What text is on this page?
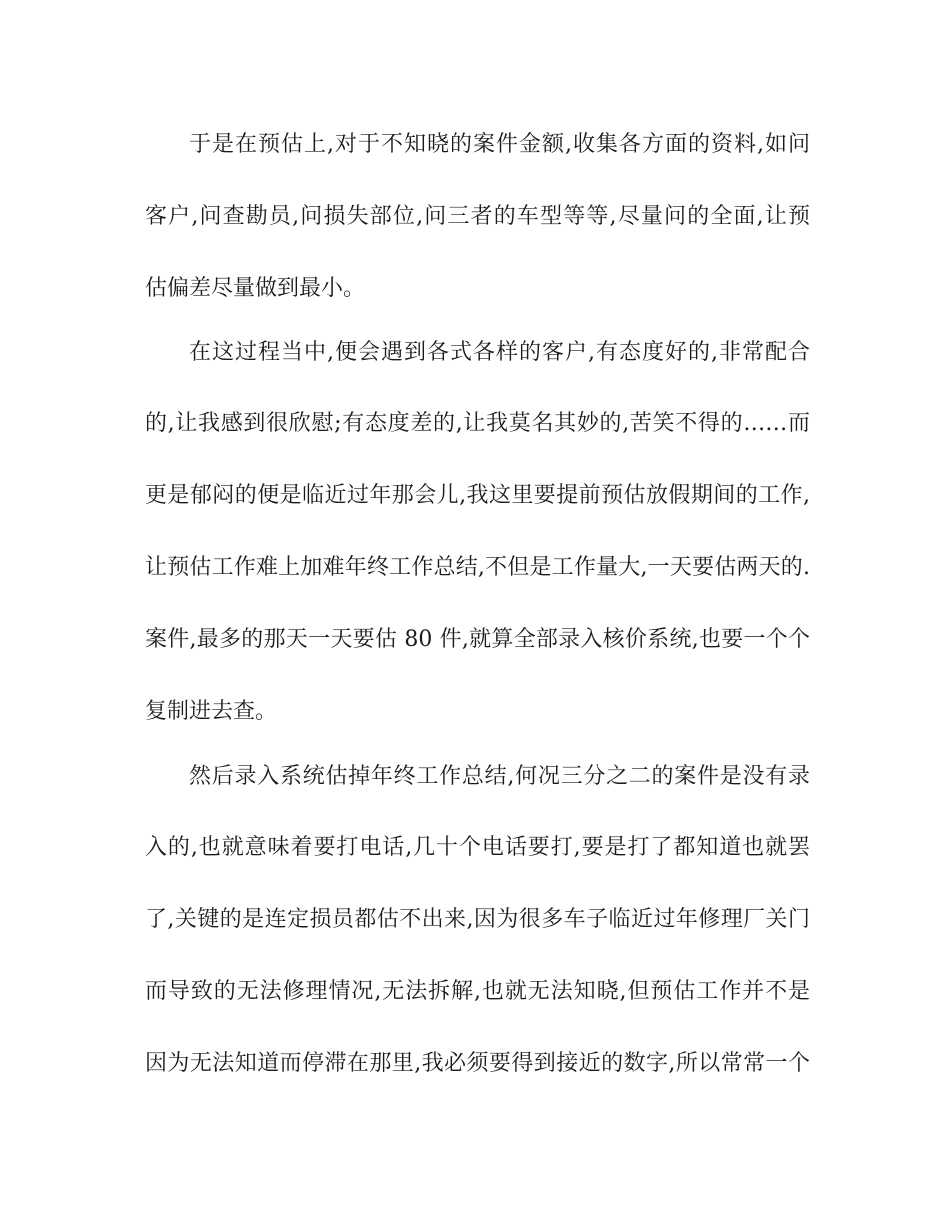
于是在预估上,对于不知晓的案件金额,收集各方面的资料,如问
客户,问查勘员,问损失部位,问三者的车型等等,尽量问的全面,让预
估偏差尽量做到最小。
在这过程当中,便会遇到各式各样的客户,有态度好的,非常配合
的,让我感到很欣慰;有态度差的,让我莫名其妙的,苦笑不得的……而
更是郁闷的便是临近过年那会儿,我这里要提前预估放假期间的工作,
让预估工作难上加难年终工作总结,不但是工作量大,一天要估两天的.
案件,最多的那天一天要估 80 件,就算全部录入核价系统,也要一个个
复制进去查。
然后录入系统估掉年终工作总结,何况三分之二的案件是没有录
入的,也就意味着要打电话,几十个电话要打,要是打了都知道也就罢
了,关键的是连定损员都估不出来,因为很多车子临近过年修理厂关门
而导致的无法修理情况,无法拆解,也就无法知晓,但预估工作并不是
因为无法知道而停滞在那里,我必须要得到接近的数字,所以常常一个
